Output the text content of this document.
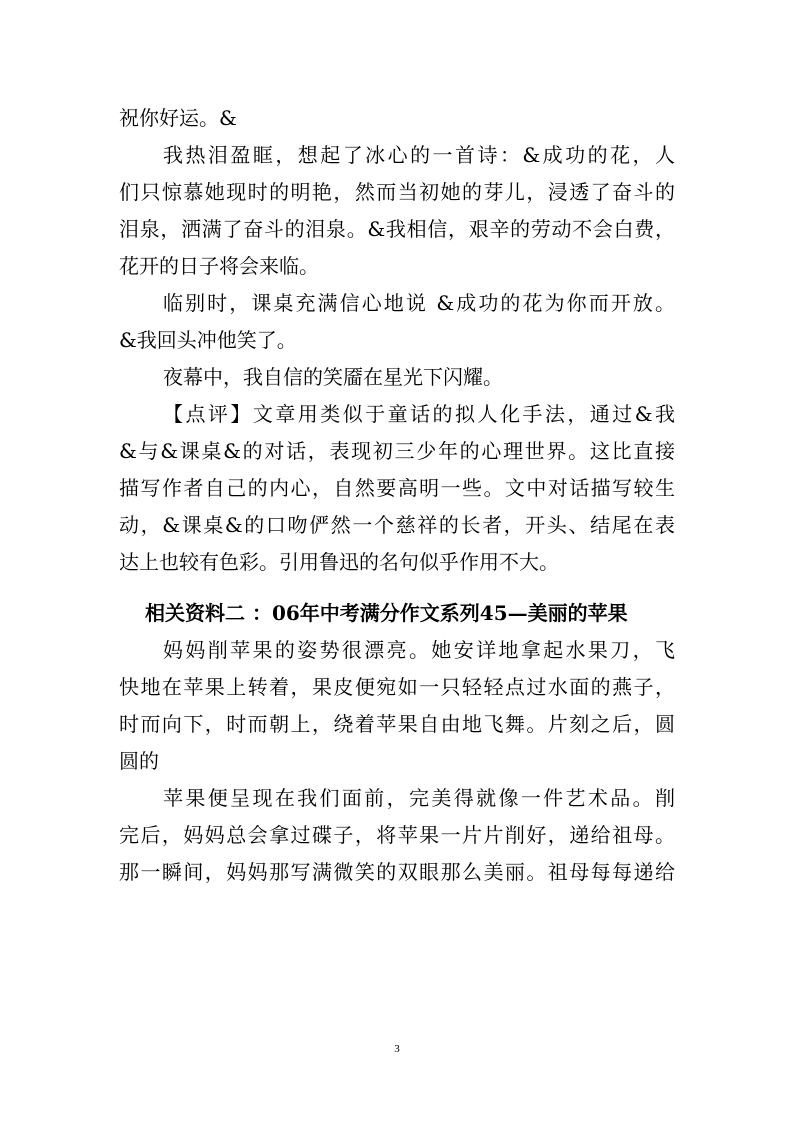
祝你好运。&
我热泪盈眶，想起了冰心的一首诗：&成功的花，人
们只惊慕她现时的明艳，然而当初她的芽儿，浸透了奋斗的
泪泉，洒满了奋斗的泪泉。&我相信，艰辛的劳动不会白费，
花开的日子将会来临。
临别时，课桌充满信心地说 &成功的花为你而开放。
&我回头冲他笑了。
夜幕中，我自信的笑靥在星光下闪耀。
【点评】文章用类似于童话的拟人化手法，通过&我
&与&课桌&的对话，表现初三少年的心理世界。这比直接
描写作者自己的内心，自然要高明一些。文中对话描写较生
动，&课桌&的口吻俨然一个慈祥的长者，开头、结尾在表
达上也较有色彩。引用鲁迅的名句似乎作用不大。
相关资料二 ：06年中考满分作文系列45—美丽的苹果
妈妈削苹果的姿势很漂亮。她安详地拿起水果刀，飞
快地在苹果上转着，果皮便宛如一只轻轻点过水面的燕子，
时而向下，时而朝上，绕着苹果自由地飞舞。片刻之后，圆
圆的
苹果便呈现在我们面前，完美得就像一件艺术品。削
完后，妈妈总会拿过碟子，将苹果一片片削好，递给祖母。
那一瞬间，妈妈那写满微笑的双眼那么美丽。祖母每每递给
3
